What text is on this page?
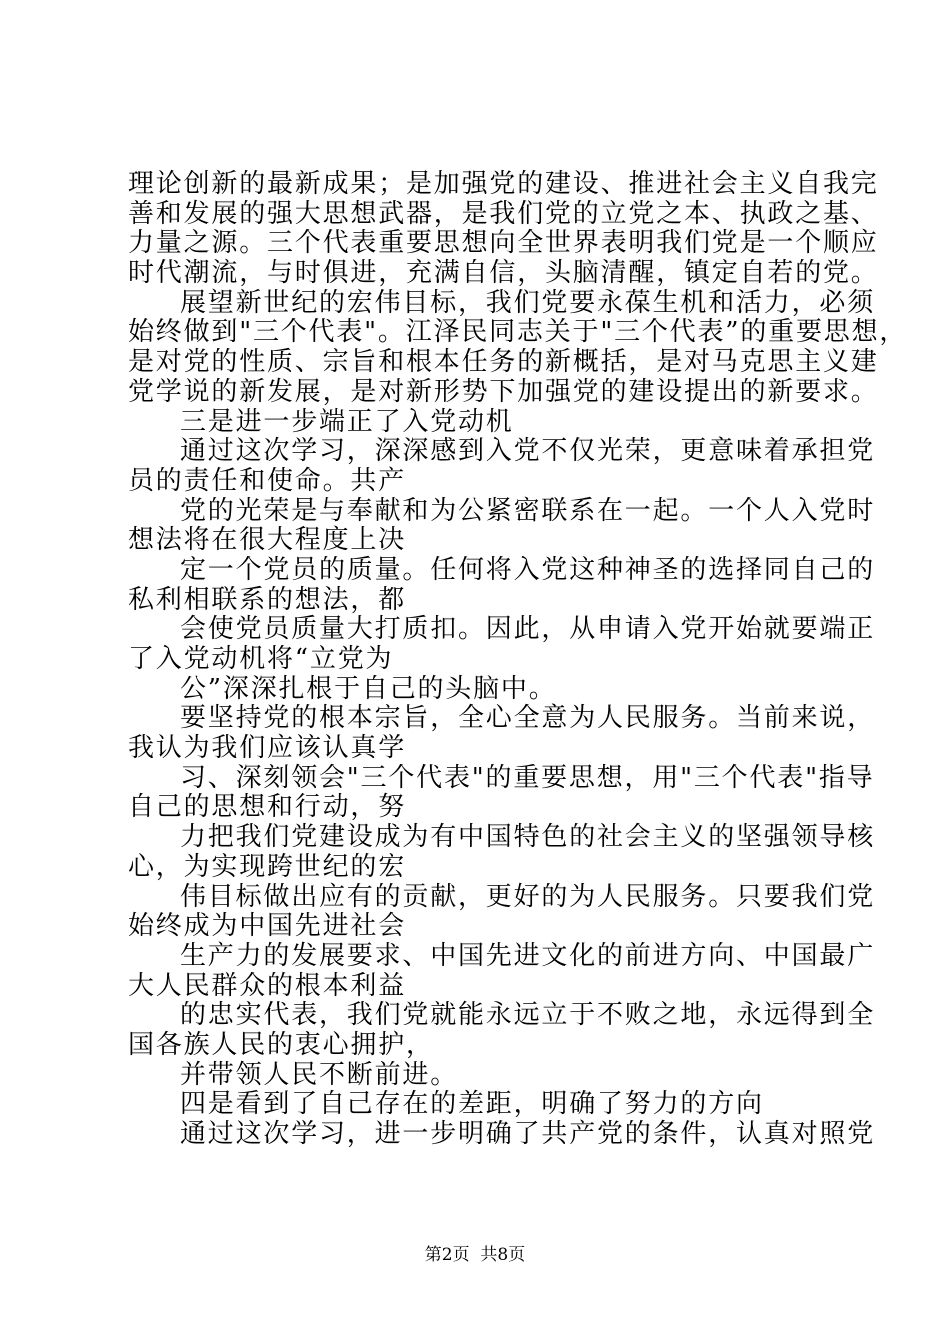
理论创新的最新成果；是加强党的建设、推进社会主义自我完
善和发展的强大思想武器，是我们党的立党之本、执政之基、
力量之源。三个代表重要思想向全世界表明我们党是一个顺应
时代潮流，与时俱进，充满自信，头脑清醒，镇定自若的党。
展望新世纪的宏伟目标，我们党要永葆生机和活力，必须
始终做到"三个代表"。江泽民同志关于"三个代表”的重要思想，
是对党的性质、宗旨和根本任务的新概括，是对马克思主义建
党学说的新发展，是对新形势下加强党的建设提出的新要求。
三是进一步端正了入党动机
通过这次学习，深深感到入党不仅光荣，更意味着承担党
员的责任和使命。共产
党的光荣是与奉献和为公紧密联系在一起。一个人入党时
想法将在很大程度上决
定一个党员的质量。任何将入党这种神圣的选择同自己的
私利相联系的想法，都
会使党员质量大打质扣。因此，从申请入党开始就要端正
了入党动机将“立党为
公”深深扎根于自己的头脑中。
要坚持党的根本宗旨，全心全意为人民服务。当前来说，
我认为我们应该认真学
习、深刻领会"三个代表"的重要思想，用"三个代表"指导
自己的思想和行动，努
力把我们党建设成为有中国特色的社会主义的坚强领导核
心，为实现跨世纪的宏
伟目标做出应有的贡献，更好的为人民服务。只要我们党
始终成为中国先进社会
生产力的发展要求、中国先进文化的前进方向、中国最广
大人民群众的根本利益
的忠实代表，我们党就能永远立于不败之地，永远得到全
国各族人民的衷心拥护，
并带领人民不断前进。
四是看到了自己存在的差距，明确了努力的方向
通过这次学习，进一步明确了共产党的条件，认真对照党
第2页  共8页
